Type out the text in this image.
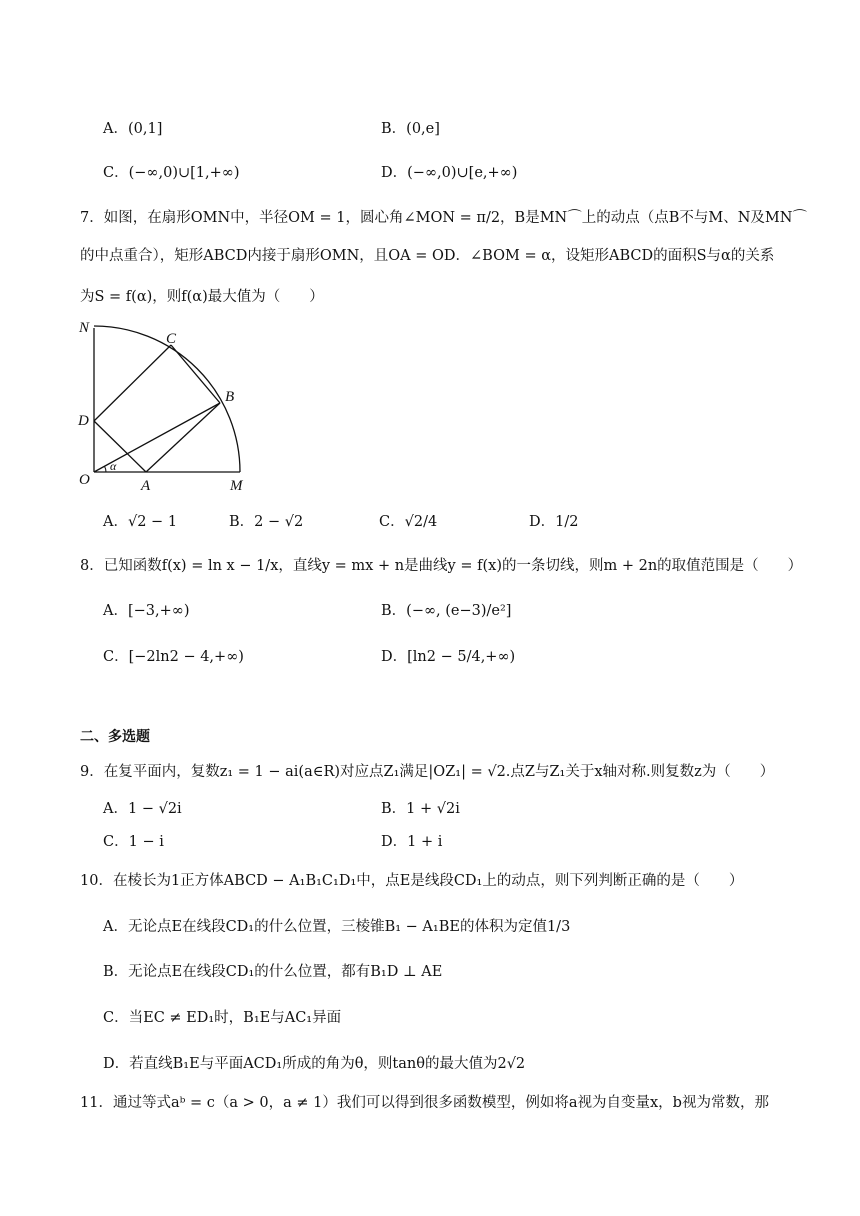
A．(0,1]	B．(0,e]
C．(−∞,0)∪[1,+∞)	D．(−∞,0)∪[e,+∞)
7．如图，在扇形OMN中，半径OM = 1，圆心角∠MON = π/2，B是MN⌒上的动点（点B不与M、N及MN⌒
的中点重合），矩形ABCD内接于扇形OMN，且OA = OD．∠BOM = α，设矩形ABCD的面积S与α的关系
为S = f(α)，则f(α)最大值为（　　）
N
C
B
D
α
O	A	M
A．√2 − 1	B．2 − √2	C．√2/4	D．1/2
8．已知函数f(x) = ln x − 1/x，直线y = mx + n是曲线y = f(x)的一条切线，则m + 2n的取值范围是（　　）
A．[−3,+∞)	B．(−∞, (e−3)/e²]
C．[−2ln2 − 4,+∞)	D．[ln2 − 5/4,+∞)
二、多选题
9．在复平面内，复数z₁ = 1 − ai(a∈R)对应点Z₁满足|OZ₁| = √2.点Z与Z₁关于x轴对称.则复数z为（　　）
A．1 − √2i	B．1 + √2i
C．1 − i	D．1 + i
10．在棱长为1正方体ABCD − A₁B₁C₁D₁中，点E是线段CD₁上的动点，则下列判断正确的是（　　）
A．无论点E在线段CD₁的什么位置，三棱锥B₁ − A₁BE的体积为定值1/3
B．无论点E在线段CD₁的什么位置，都有B₁D ⊥ AE
C．当EC ≠ ED₁时，B₁E与AC₁异面
D．若直线B₁E与平面ACD₁所成的角为θ，则tanθ的最大值为2√2
11．通过等式aᵇ = c（a > 0，a ≠ 1）我们可以得到很多函数模型，例如将a视为自变量x，b视为常数，那
